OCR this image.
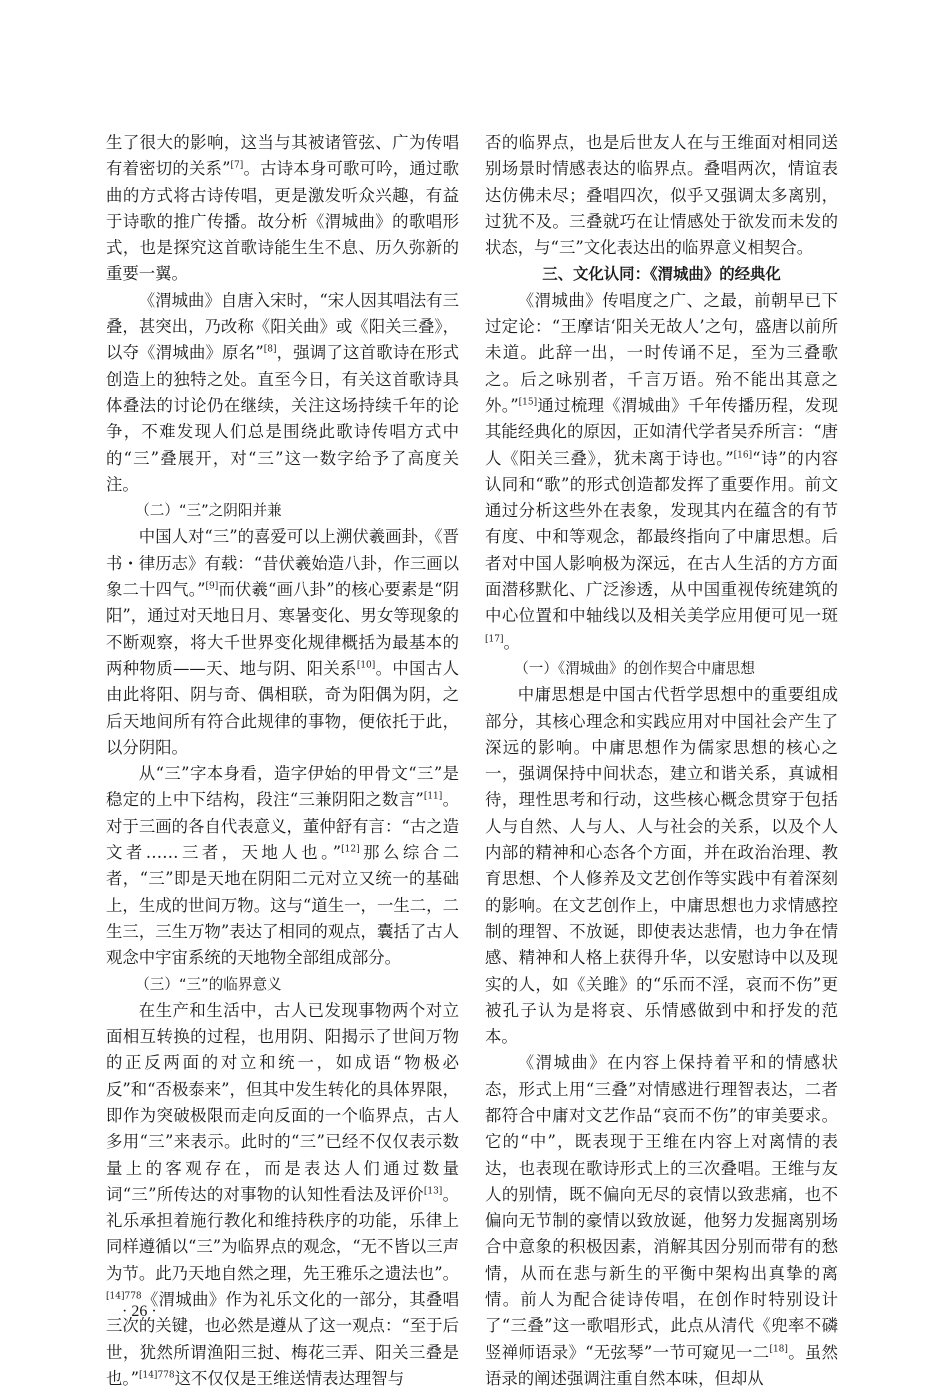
生了很大的影响，这当与其被诸管弦、广为传唱有着密切的关系”[7]。古诗本身可歌可吟，通过歌曲的方式将古诗传唱，更是激发听众兴趣，有益于诗歌的推广传播。故分析《渭城曲》的歌唱形式，也是探究这首歌诗能生生不息、历久弥新的重要一翼。

《渭城曲》自唐入宋时，“宋人因其唱法有三叠，甚突出，乃改称《阳关曲》或《阳关三叠》，以夺《渭城曲》原名”[8]，强调了这首歌诗在形式创造上的独特之处。直至今日，有关这首歌诗具体叠法的讨论仍在继续，关注这场持续千年的论争，不难发现人们总是围绕此歌诗传唱方式中的“三”叠展开，对“三”这一数字给予了高度关注。

（二）“三”之阴阳并兼

中国人对“三”的喜爱可以上溯伏羲画卦，《晋书・律历志》有载：“昔伏羲始造八卦，作三画以象二十四气。”[9]而伏羲“画八卦”的核心要素是“阴阳”，通过对天地日月、寒暑变化、男女等现象的不断观察，将大千世界变化规律概括为最基本的两种物质——天、地与阴、阳关系[10]。中国古人由此将阳、阴与奇、偶相联，奇为阳偶为阴，之后天地间所有符合此规律的事物，便依托于此，以分阴阳。

从“三”字本身看，造字伊始的甲骨文“三”是稳定的上中下结构，段注“三兼阴阳之数言”[11]。对于三画的各自代表意义，董仲舒有言：“古之造文者……三者，天地人也。”[12]那么综合二者，“三”即是天地在阴阳二元对立又统一的基础上，生成的世间万物。这与“道生一，一生二，二生三，三生万物”表达了相同的观点，囊括了古人观念中宇宙系统的天地物全部组成部分。

（三）“三”的临界意义

在生产和生活中，古人已发现事物两个对立面相互转换的过程，也用阴、阳揭示了世间万物的正反两面的对立和统一，如成语“物极必反”和“否极泰来”，但其中发生转化的具体界限，即作为突破极限而走向反面的一个临界点，古人多用“三”来表示。此时的“三”已经不仅仅表示数量上的客观存在，而是表达人们通过数量词“三”所传达的对事物的认知性看法及评价[13]。礼乐承担着施行教化和维持秩序的功能，乐律上同样遵循以“三”为临界点的观念，“无不皆以三声为节。此乃天地自然之理，先王雅乐之遗法也”。$^{[14]778}$《渭城曲》作为礼乐文化的一部分，其叠唱三次的关键，也必然是遵从了这一观点：“至于后世，犹然所谓渔阳三挝、梅花三弄、阳关三叠是也。”$^{[14]778}$这不仅仅是王维送情表达理智与

否的临界点，也是后世友人在与王维面对相同送别场景时情感表达的临界点。叠唱两次，情谊表达仿佛未尽；叠唱四次，似乎又强调太多离别，过犹不及。三叠就巧在让情感处于欲发而未发的状态，与“三”文化表达出的临界意义相契合。

三、文化认同：《渭城曲》的经典化

《渭城曲》传唱度之广、之最，前朝早已下过定论：“王摩诘‘阳关无故人’之句，盛唐以前所未道。此辞一出，一时传诵不足，至为三叠歌之。后之咏别者，千言万语。殆不能出其意之外。”[15]通过梳理《渭城曲》千年传播历程，发现其能经典化的原因，正如清代学者吴乔所言：“唐人《阳关三叠》，犹未离于诗也。”[16]“诗”的内容认同和“歌”的形式创造都发挥了重要作用。前文通过分析这些外在表象，发现其内在蕴含的有节有度、中和等观念，都最终指向了中庸思想。后者对中国人影响极为深远，在古人生活的方方面面潜移默化、广泛渗透，从中国重视传统建筑的中心位置和中轴线以及相关美学应用便可见一斑[17]。

（一）《渭城曲》的创作契合中庸思想

中庸思想是中国古代哲学思想中的重要组成部分，其核心理念和实践应用对中国社会产生了深远的影响。中庸思想作为儒家思想的核心之一，强调保持中间状态，建立和谐关系，真诚相待，理性思考和行动，这些核心概念贯穿于包括人与自然、人与人、人与社会的关系，以及个人内部的精神和心态各个方面，并在政治治理、教育思想、个人修养及文艺创作等实践中有着深刻的影响。在文艺创作上，中庸思想也力求情感控制的理智、不放诞，即使表达悲情，也力争在情感、精神和人格上获得升华，以安慰诗中以及现实的人，如《关雎》的“乐而不淫，哀而不伤”更被孔子认为是将哀、乐情感做到中和抒发的范本。

《渭城曲》在内容上保持着平和的情感状态，形式上用“三叠”对情感进行理智表达，二者都符合中庸对文艺作品“哀而不伤”的审美要求。它的“中”，既表现于王维在内容上对离情的表达，也表现在歌诗形式上的三次叠唱。王维与友人的别情，既不偏向无尽的哀情以致悲痛，也不偏向无节制的豪情以致放诞，他努力发掘离别场合中意象的积极因素，消解其因分别而带有的愁情，从而在悲与新生的平衡中架构出真挚的离情。前人为配合徒诗传唱，在创作时特别设计了“三叠”这一歌唱形式，此点从清代《兜率不磷竖禅师语录》“无弦琴”一节可窥见一二[18]。虽然语录的阐述强调注重自然本味，但却从

· 26 ·
